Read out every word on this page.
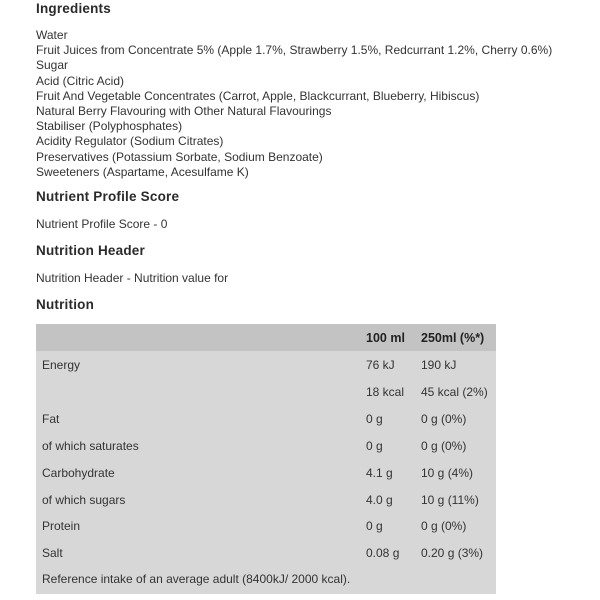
Ingredients
Water
Fruit Juices from Concentrate 5% (Apple 1.7%, Strawberry 1.5%, Redcurrant 1.2%, Cherry 0.6%)
Sugar
Acid (Citric Acid)
Fruit And Vegetable Concentrates (Carrot, Apple, Blackcurrant, Blueberry, Hibiscus)
Natural Berry Flavouring with Other Natural Flavourings
Stabiliser (Polyphosphates)
Acidity Regulator (Sodium Citrates)
Preservatives (Potassium Sorbate, Sodium Benzoate)
Sweeteners (Aspartame, Acesulfame K)
Nutrient Profile Score
Nutrient Profile Score - 0
Nutrition Header
Nutrition Header - Nutrition value for
Nutrition
100 ml 250ml (%*)
Energy	76 kJ 190 kJ
18 kcal 45 kcal (2%)
Fat	0 g	0 g (0%)
of which saturates	0 g	0 g (0%)
Carbohydrate	4.1 g 10 g (4%)
of which sugars	4.0 g 10 g (11%)
Protein	0 g	0 g (0%)
Salt	0.08 g 0.20 g (3%)
Reference intake of an average adult (8400kJ/ 2000 kcal).
